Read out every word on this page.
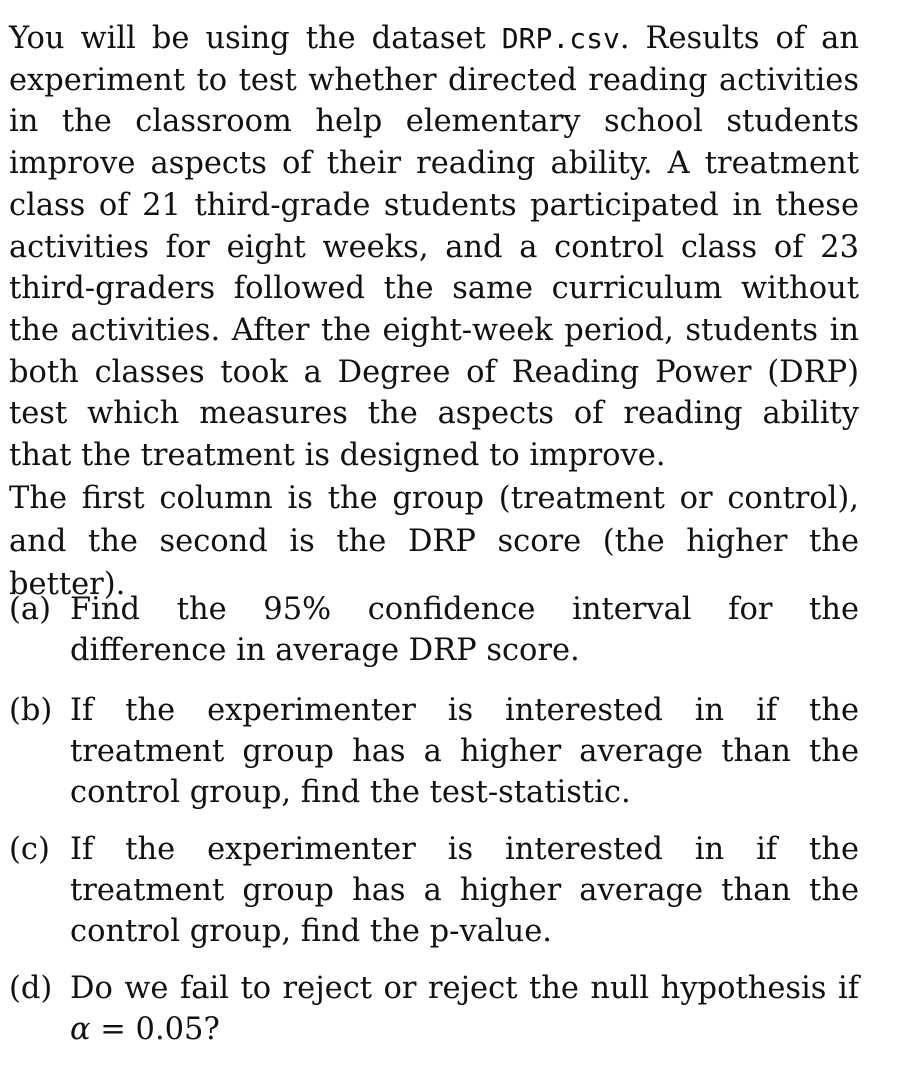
You will be using the dataset DRP.csv. Results of an experiment to test whether directed reading activities in the classroom help elementary school students improve aspects of their reading ability. A treatment class of 21 third-grade students participated in these activities for eight weeks, and a control class of 23 third-graders followed the same curriculum without the activities. After the eight-week period, students in both classes took a Degree of Reading Power (DRP) test which measures the aspects of reading ability that the treatment is designed to improve.

The first column is the group (treatment or control), and the second is the DRP score (the higher the better).

(a) Find the 95% confidence interval for the difference in average DRP score.
(b) If the experimenter is interested in if the treatment group has a higher average than the control group, find the test-statistic.
(c) If the experimenter is interested in if the treatment group has a higher average than the control group, find the p-value.
(d) Do we fail to reject or reject the null hypothesis if α = 0.05?
